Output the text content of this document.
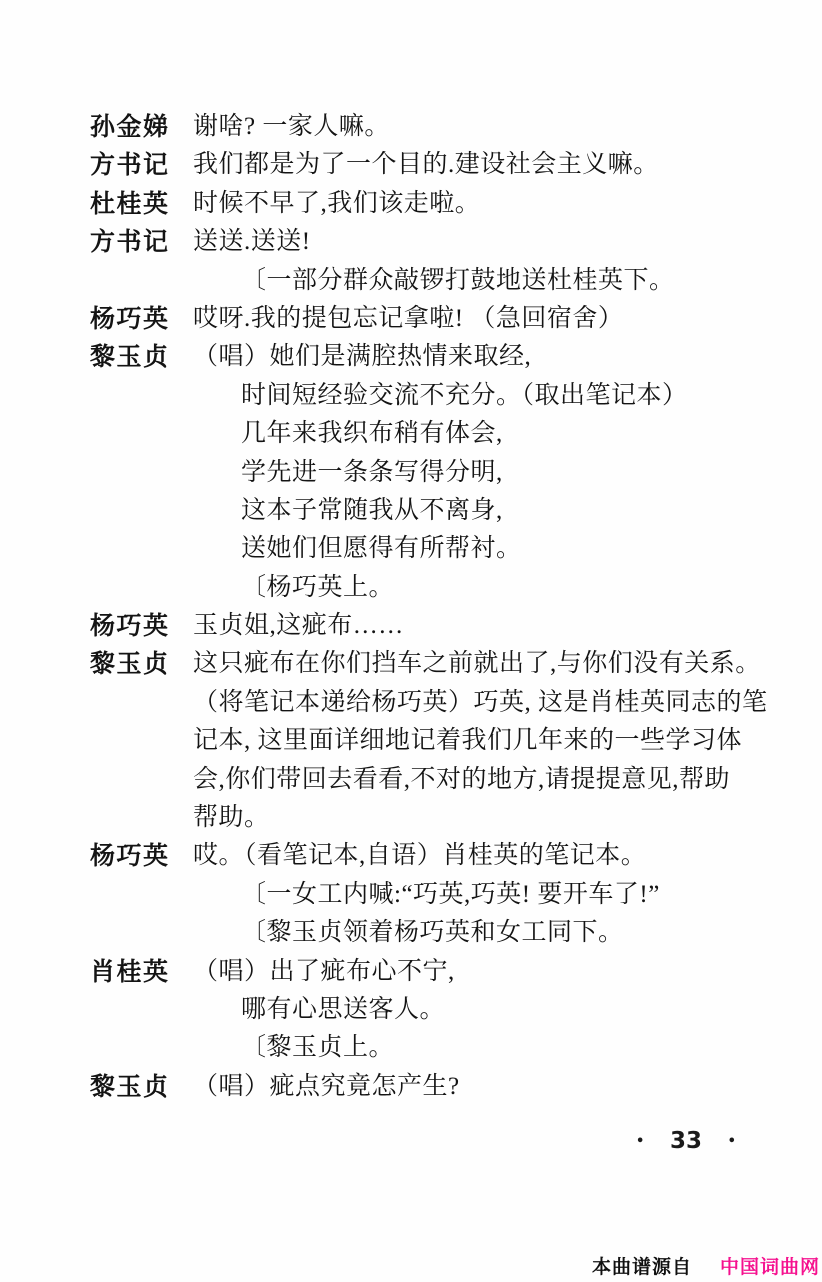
孙金娣 谢啥? 一家人嘛。
方书记 我们都是为了一个目的.建设社会主义嘛。
杜桂英 时候不早了,我们该走啦。
方书记 送送.送送!
〔一部分群众敲锣打鼓地送杜桂英下。
杨巧英 哎呀.我的提包忘记拿啦! （急回宿舍）
黎玉贞 （唱）她们是满腔热情来取经,
时间短经验交流不充分。（取出笔记本）
几年来我织布稍有体会,
学先进一条条写得分明,
这本子常随我从不离身,
送她们但愿得有所帮衬。
〔杨巧英上。
杨巧英 玉贞姐,这疵布……
黎玉贞 这只疵布在你们挡车之前就出了,与你们没有关系。
（将笔记本递给杨巧英）巧英, 这是肖桂英同志的笔
记本, 这里面详细地记着我们几年来的一些学习体
会,你们带回去看看,不对的地方,请提提意见,帮助
帮助。
杨巧英 哎。（看笔记本,自语）肖桂英的笔记本。
〔一女工内喊:“巧英,巧英! 要开车了!”
〔黎玉贞领着杨巧英和女工同下。
肖桂英 （唱）出了疵布心不宁,
哪有心思送客人。
〔黎玉贞上。
黎玉贞 （唱）疵点究竟怎产生?
• 33 •
本曲谱源自 中国词曲网
